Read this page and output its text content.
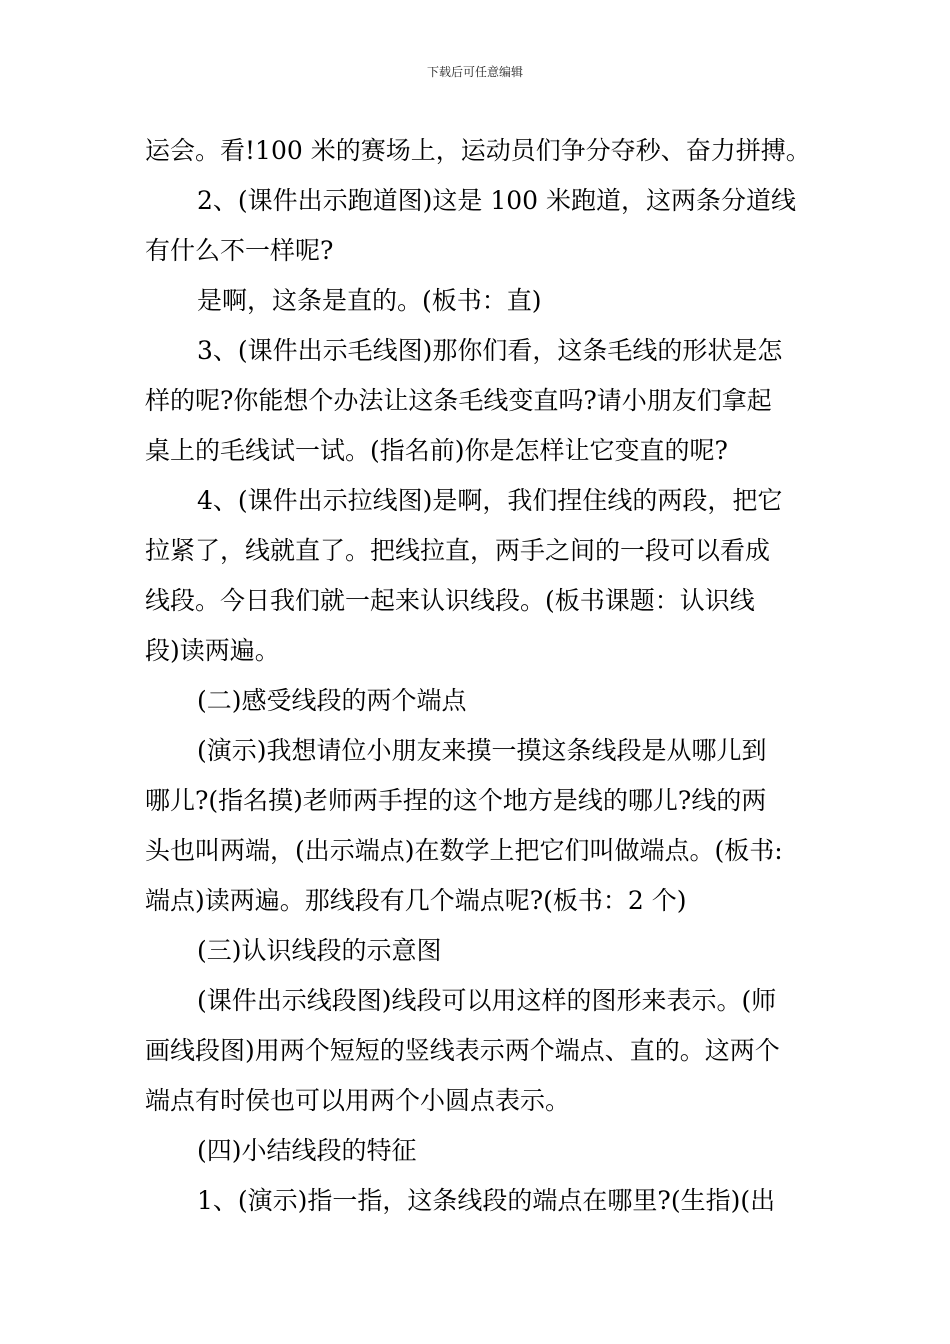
下载后可任意编辑
运会。看!100 米的赛场上，运动员们争分夺秒、奋力拼搏。
2、(课件出示跑道图)这是 100 米跑道，这两条分道线
有什么不一样呢?
是啊，这条是直的。(板书：直)
3、(课件出示毛线图)那你们看，这条毛线的形状是怎
样的呢?你能想个办法让这条毛线变直吗?请小朋友们拿起
桌上的毛线试一试。(指名前)你是怎样让它变直的呢?
4、(课件出示拉线图)是啊，我们捏住线的两段，把它
拉紧了，线就直了。把线拉直，两手之间的一段可以看成
线段。今日我们就一起来认识线段。(板书课题：认识线
段)读两遍。
(二)感受线段的两个端点
(演示)我想请位小朋友来摸一摸这条线段是从哪儿到
哪儿?(指名摸)老师两手捏的这个地方是线的哪儿?线的两
头也叫两端，(出示端点)在数学上把它们叫做端点。(板书:
端点)读两遍。那线段有几个端点呢?(板书：2 个)
(三)认识线段的示意图
(课件出示线段图)线段可以用这样的图形来表示。(师
画线段图)用两个短短的竖线表示两个端点、直的。这两个
端点有时侯也可以用两个小圆点表示。
(四)小结线段的特征
1、(演示)指一指，这条线段的端点在哪里?(生指)(出
